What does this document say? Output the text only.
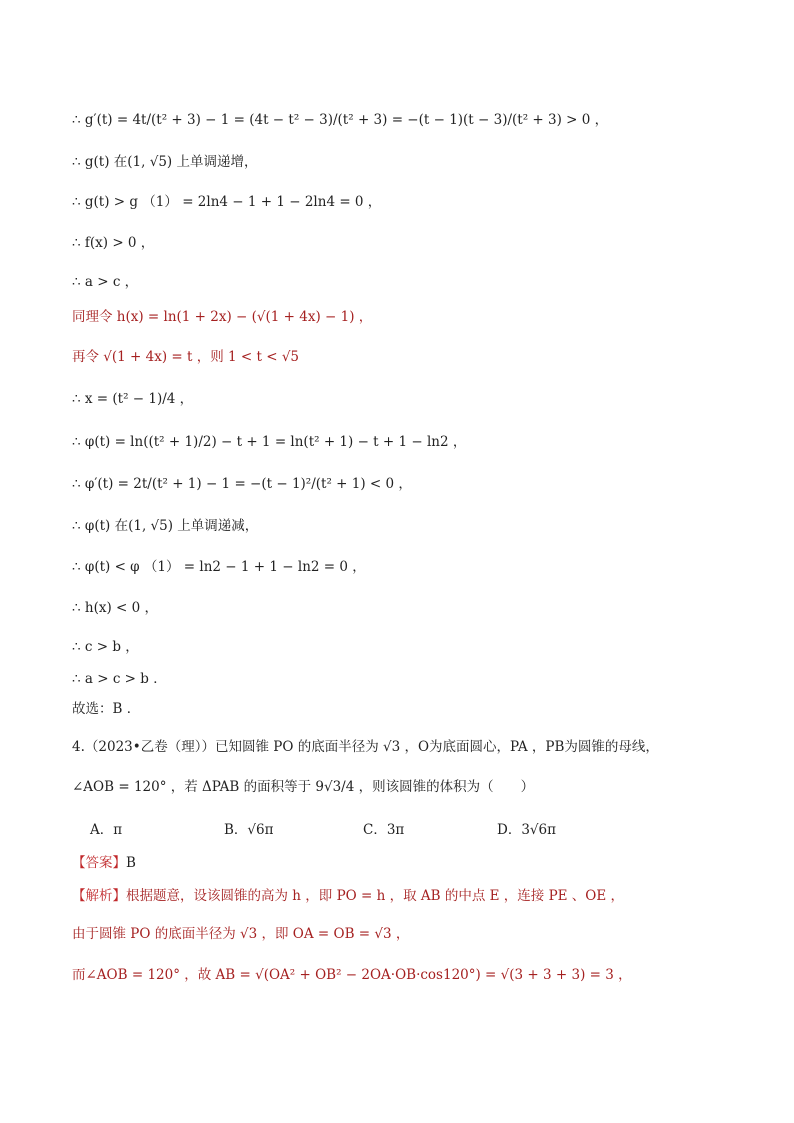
∴ g′(t) = 4t/(t² + 3) − 1 = (4t − t² − 3)/(t² + 3) = −(t − 1)(t − 3)/(t² + 3) > 0 ，
∴ g(t) 在(1, √5) 上单调递增，
∴ g(t) > g （1） = 2ln4 − 1 + 1 − 2ln4 = 0 ，
∴ f(x) > 0 ，
∴ a > c ，
同理令 h(x) = ln(1 + 2x) − (√(1 + 4x) − 1) ，
再令 √(1 + 4x) = t ，则 1 < t < √5
∴ x = (t² − 1)/4 ，
∴ φ(t) = ln((t² + 1)/2) − t + 1 = ln(t² + 1) − t + 1 − ln2 ，
∴ φ′(t) = 2t/(t² + 1) − 1 = −(t − 1)²/(t² + 1) < 0 ，
∴ φ(t) 在(1, √5) 上单调递减，
∴ φ(t) < φ （1） = ln2 − 1 + 1 − ln2 = 0 ，
∴ h(x) < 0 ，
∴ c > b ，
∴ a > c > b ．
故选：B ．
4.（2023•乙卷（理））已知圆锥 PO 的底面半径为 √3 ，O为底面圆心，PA ，PB为圆锥的母线，
∠AOB = 120° ，若 ΔPAB 的面积等于 9√3/4 ，则该圆锥的体积为（　　）
A．π	B．√6π	C．3π	D．3√6π
【答案】B
【解析】根据题意，设该圆锥的高为 h ，即 PO = h ，取 AB 的中点 E ，连接 PE 、OE ，
由于圆锥 PO 的底面半径为 √3 ，即 OA = OB = √3 ，
而∠AOB = 120° ，故 AB = √(OA² + OB² − 2OA·OB·cos120°) = √(3 + 3 + 3) = 3 ，
